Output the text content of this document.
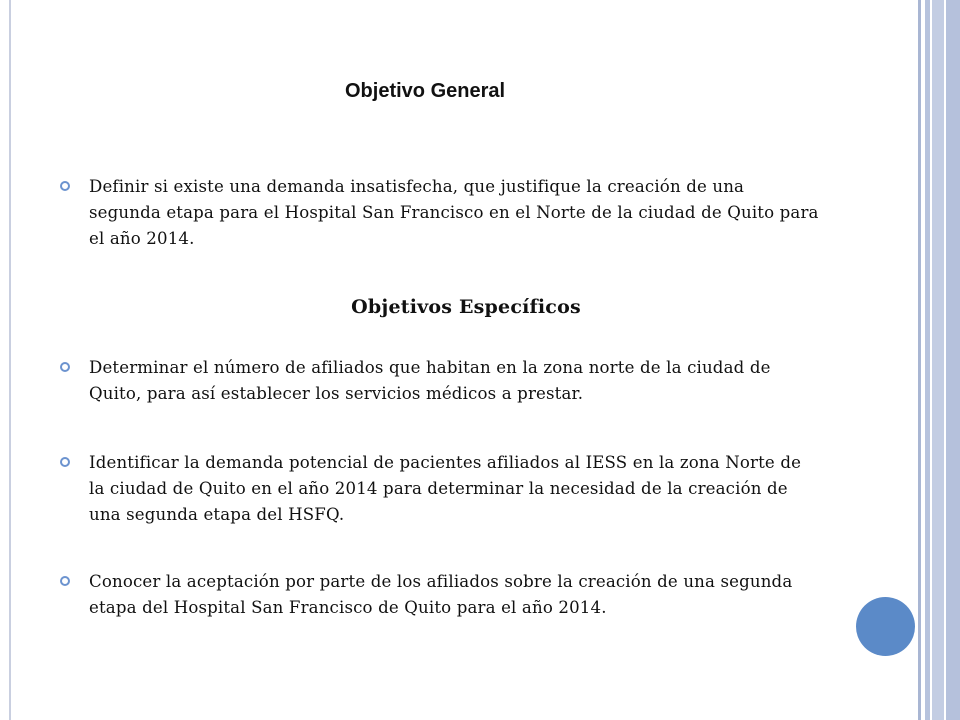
Objetivo General
Definir si existe una demanda insatisfecha, que justifique la creación de una segunda etapa para el Hospital San Francisco en el Norte de la ciudad de Quito para el año 2014.
Objetivos Específicos
Determinar el número de afiliados que habitan en la zona norte de la ciudad de Quito, para así establecer los servicios médicos a prestar.
Identificar la demanda potencial de pacientes afiliados al IESS en la zona Norte de la ciudad de Quito en el año 2014 para determinar la necesidad de la creación de una segunda etapa del HSFQ.
Conocer la aceptación por parte de los afiliados sobre la creación de una segunda etapa del Hospital San Francisco de Quito para el año 2014.
